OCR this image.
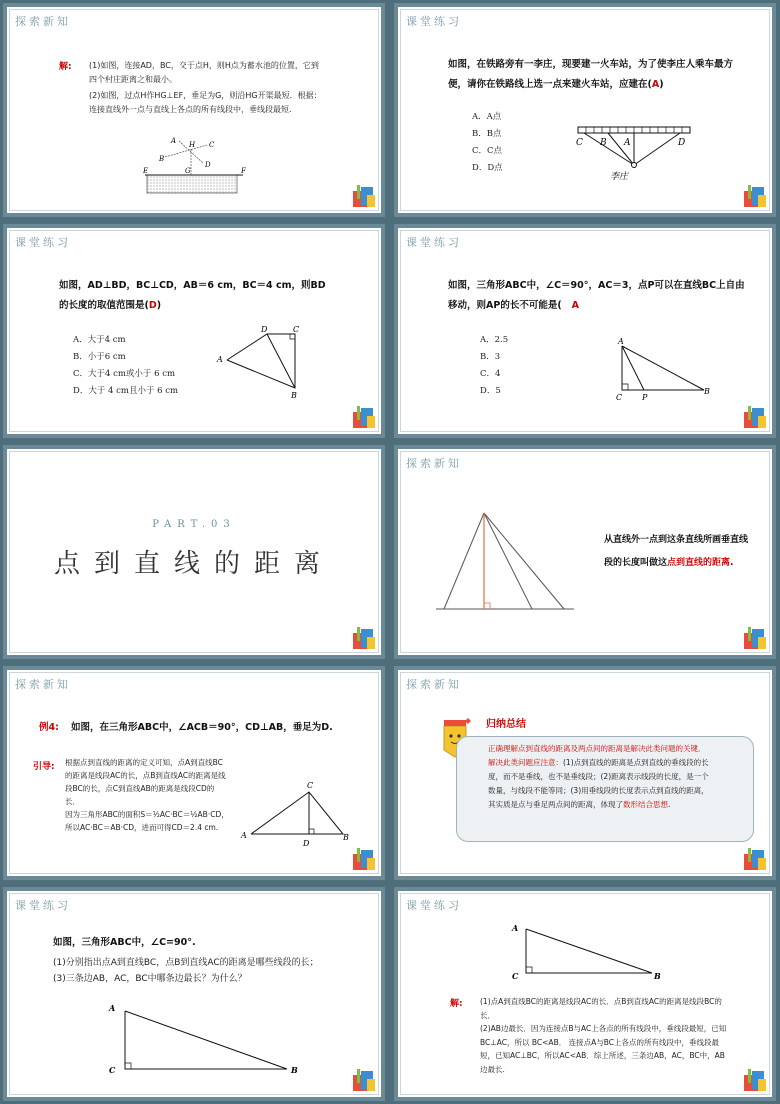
探索新知
解: (1)如图，连接AD，BC，交于点H，则H点为蓄水池的位置，它到四个村庄距离之和最小。
(2)如图，过点H作HG⊥EF，垂足为G，则沿HG开渠最短．根据：连接直线外一点与直线上各点的所有线段中，垂线段最短．
A	C
H
B
D
G
E	F
课堂练习
如图，在铁路旁有一李庄，现要建一火车站，为了使李庄人乘车最方便，请你在铁路线上选一点来建火车站，应建在(A)
A．A点
B．B点
C．C点
D．D点
C B A	D
李庄
课堂练习
如图，AD⊥BD，BC⊥CD，AB＝6 cm，BC＝4 cm，则BD的长度的取值范围是(D)
A．大于4 cm
B．小于6 cm
C．大于4 cm或小于 6 cm
D．大于 4 cm且小于 6 cm
A
D	C
B
课堂练习
如图，三角形ABC中，∠C＝90°，AC＝3，点P可以在直线BC上自由移动，则AP的长不可能是( A
A．2.5
B．3
C．4
D．5
A
C P
B
PART.03
点到直线的距离
探索新知
从直线外一点到这条直线所画垂直线段的长度叫做这点到直线的距离.
探索新知
例4: 如图，在三角形ABC中，∠ACB＝90°，CD⊥AB，垂足为D.
引导: 根据点到直线的距离的定义可知，点A到直线BC的距离是线段AC的长，点B到直线AC的距离是线段BC的长，点C到直线AB的距离是线段CD的长．
因为三角形ABC的面积S＝½AC·BC＝½AB·CD，
所以AC·BC＝AB·CD，进而可得CD＝2.4 cm.
A
C
D
B
探索新知
归纳总结
正确理解点到直线的距离及两点间的距离是解决此类问题的关键．解决此类问题应注意：(1)点到直线的距离是点到直线的垂线段的长度，而不是垂线，也不是垂线段；(2)距离表示线段的长度，是一个数量，与线段不能等同；(3)用垂线段的长度表示点到直线的距离，其实质是点与垂足两点间的距离，体现了数形结合思想.
课堂练习
如图，三角形ABC中，∠C=90°.
(1)分别指出点A到直线BC，点B到直线AC的距离是哪些线段的长；
(3)三条边AB，AC，BC中哪条边最长？为什么？
A
C	B
课堂练习
A
C	B
解: (1)点A到直线BC的距离是线段AC的长．点B到直线AC的距离是线段BC的长．
(2)AB边最长．因为连接点B与AC上各点的所有线段中，垂线段最短，已知BC⊥AC，所以 BC<AB． 连接点A与BC上各点的所有线段中，垂线段最短，已知AC⊥BC，所以AC<AB．综上所述，三条边AB，AC，BC中，AB边最长.
